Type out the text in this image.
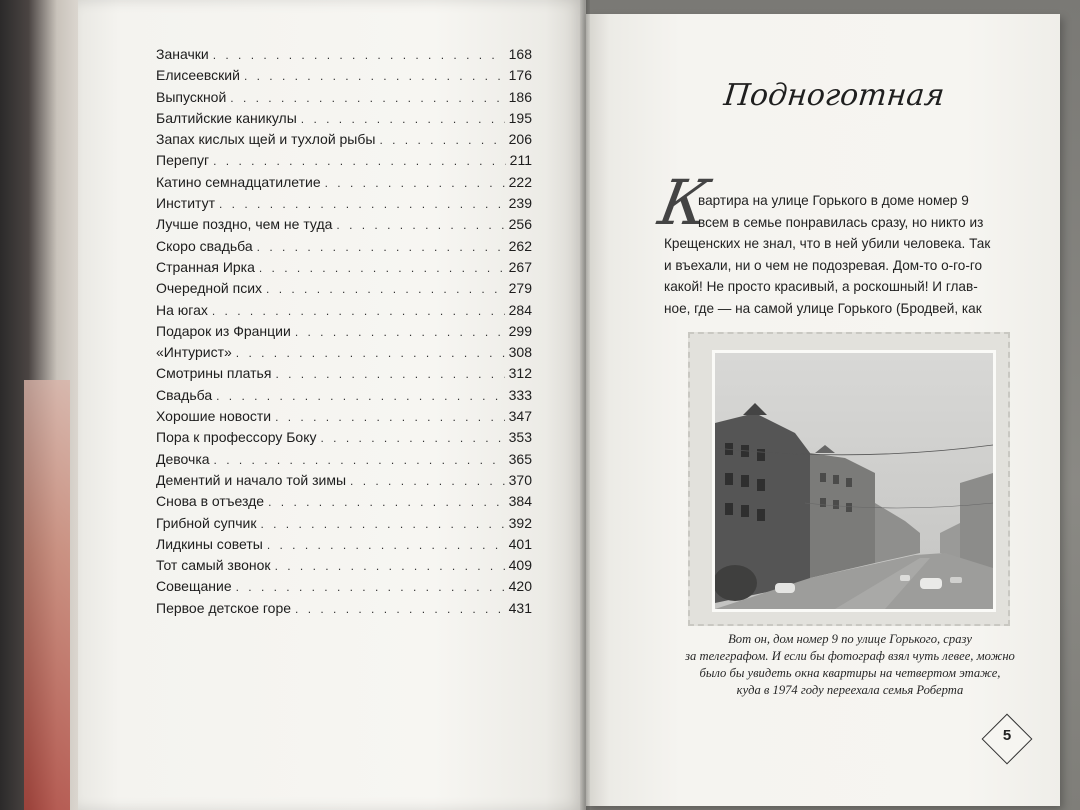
Заначки . . .	168
Елисеевский . . .	176
Выпускной . . .	186
Балтийские каникулы . . .	195
Запах кислых щей и тухлой рыбы . . .	206
Перепуг . . .	211
Катино семнадцатилетие . . .	222
Институт . . .	239
Лучше поздно, чем не туда . . .	256
Скоро свадьба . . .	262
Странная Ирка . . .	267
Очередной псих . . .	279
На югах . . .	284
Подарок из Франции . . .	299
«Интурист» . . .	308
Смотрины платья . . .	312
Свадьба . . .	333
Хорошие новости . . .	347
Пора к профессору Боку . . .	353
Девочка . . .	365
Дементий и начало той зимы . . .	370
Снова в отъезде . . .	384
Грибной супчик . . .	392
Лидкины советы . . .	401
Тот самый звонок . . .	409
Совещание . . .	420
Первое детское горе . . .	431
Подноготная
К
вартира на улице Горького в доме номер 9
всем в семье понравилась сразу, но никто из
Крещенских не знал, что в ней убили человека. Так
и въехали, ни о чем не подозревая. Дом-то о-го-го
какой! Не просто красивый, а роскошный! И глав-
ное, где — на самой улице Горького (Бродвей, как
Вот он, дом номер 9 по улице Горького, сразу
за телеграфом. И если бы фотограф взял чуть левее, можно
было бы увидеть окна квартиры на четвертом этаже,
куда в 1974 году переехала семья Роберта
5
